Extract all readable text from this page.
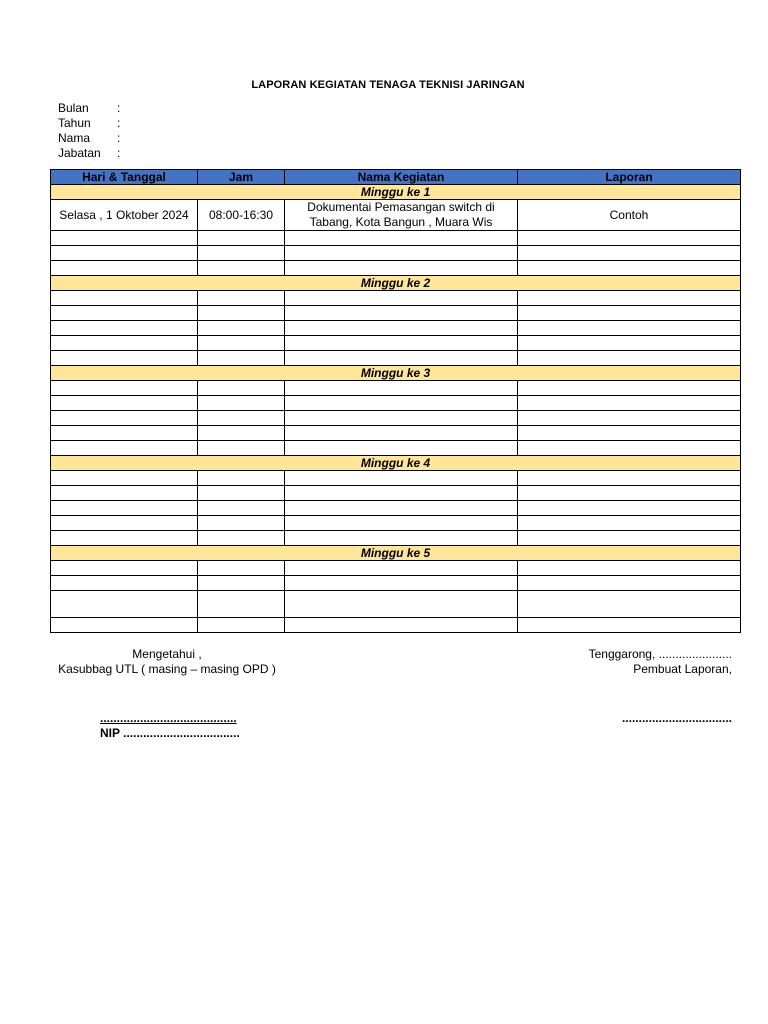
LAPORAN KEGIATAN TENAGA TEKNISI JARINGAN
Bulan	:
Tahun	:
Nama	:
Jabatan	:
Hari & Tanggal	Jam	Nama Kegiatan	Laporan
Minggu ke 1			
Selasa , 1 Oktober 2024	08:00-16:30	Dokumentai Pemasangan switch di Tabang, Kota Bangun , Muara Wis	Contoh

Minggu ke 2			

Minggu ke 3			

Minggu ke 4			

Minggu ke 5			

Mengetahui ,
Kasubbag UTL ( masing – masing OPD )
Tenggarong, ......................
Pembuat Laporan,
.........................................
NIP ...................................
.................................
